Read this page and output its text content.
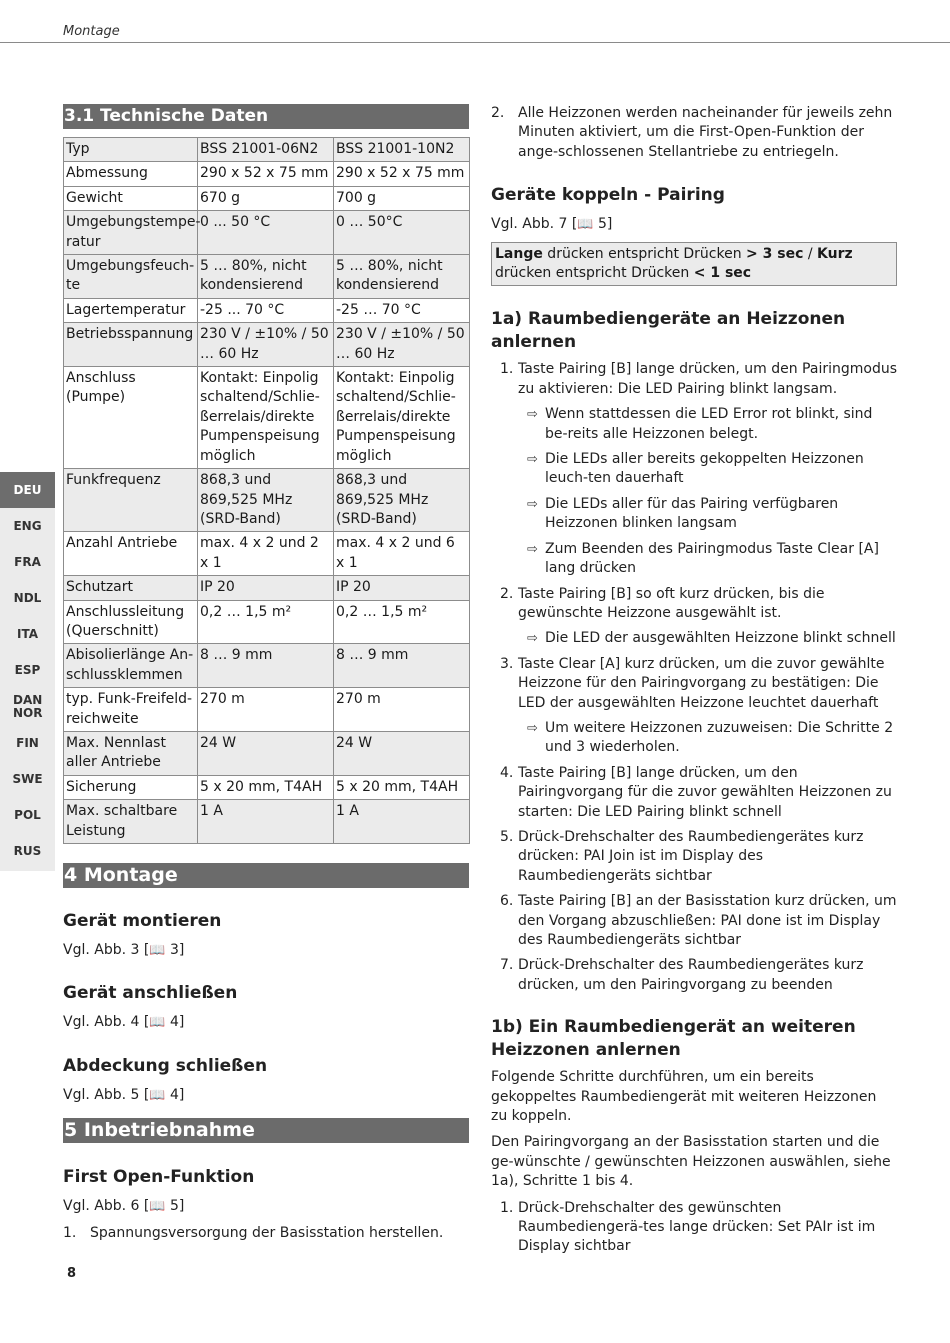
Montage
DEU
ENG
FRA
NDL
ITA
ESP
DAN NOR
FIN
SWE
POL
RUS
3.1 Technische Daten
Typ	BSS 21001-06N2	BSS 21001-10N2
Abmessung	290 x 52 x 75 mm	290 x 52 x 75 mm
Gewicht	670 g	700 g
Umgebungstempe-ratur	0 ... 50 °C	0 … 50°C
Umgebungsfeuch-te	5 … 80%, nicht kondensierend	5 … 80%, nicht kondensierend
Lagertemperatur	-25 ... 70 °C	-25 … 70 °C
Betriebsspannung	230 V / ±10% / 50 … 60 Hz	230 V / ±10% / 50 … 60 Hz
Anschluss (Pumpe)	Kontakt: Einpolig schaltend/Schlie-ßerrelais/direkte Pumpenspeisung möglich	Kontakt: Einpolig schaltend/Schlie-ßerrelais/direkte Pumpenspeisung möglich
Funkfrequenz	868,3 und 869,525 MHz (SRD-Band)	868,3 und 869,525 MHz (SRD-Band)
Anzahl Antriebe	max. 4 x 2 und 2 x 1	max. 4 x 2 und 6 x 1
Schutzart	IP 20	IP 20
Anschlussleitung (Querschnitt)	0,2 … 1,5 m²	0,2 … 1,5 m²
Abisolierlänge An-schlussklemmen	8 … 9 mm	8 … 9 mm
typ. Funk-Freifeld-reichweite	270 m	270 m
Max. Nennlast aller Antriebe	24 W	24 W
Sicherung	5 x 20 mm, T4AH	5 x 20 mm, T4AH
Max. schaltbare Leistung	1 A	1 A
4 Montage
Gerät montieren
Vgl. Abb. 3 [📖 3]
Gerät anschließen
Vgl. Abb. 4 [📖 4]
Abdeckung schließen
Vgl. Abb. 5 [📖 4]
5 Inbetriebnahme
First Open-Funktion
Vgl. Abb. 6 [📖 5]
1. Spannungsversorgung der Basisstation herstellen.
2. Alle Heizzonen werden nacheinander für jeweils zehn Minuten aktiviert, um die First-Open-Funktion der ange-schlossenen Stellantriebe zu entriegeln.
Geräte koppeln - Pairing
Vgl. Abb. 7 [📖 5]
Lange drücken entspricht Drücken > 3 sec / Kurz drücken entspricht Drücken < 1 sec
1a) Raumbediengeräte an Heizzonen anlernen
1. Taste Pairing [B] lange drücken, um den Pairingmodus zu aktivieren: Die LED Pairing blinkt langsam.
⇨ Wenn stattdessen die LED Error rot blinkt, sind be-reits alle Heizzonen belegt.
⇨ Die LEDs aller bereits gekoppelten Heizzonen leuch-ten dauerhaft
⇨ Die LEDs aller für das Pairing verfügbaren Heizzonen blinken langsam
⇨ Zum Beenden des Pairingmodus Taste Clear [A] lang drücken
2. Taste Pairing [B] so oft kurz drücken, bis die gewünschte Heizzone ausgewählt ist.
⇨ Die LED der ausgewählten Heizzone blinkt schnell
3. Taste Clear [A] kurz drücken, um die zuvor gewählte Heizzone für den Pairingvorgang zu bestätigen: Die LED der ausgewählten Heizzone leuchtet dauerhaft
⇨ Um weitere Heizzonen zuzuweisen: Die Schritte 2 und 3 wiederholen.
4. Taste Pairing [B] lange drücken, um den Pairingvorgang für die zuvor gewählten Heizzonen zu starten: Die LED Pairing blinkt schnell
5. Drück-Drehschalter des Raumbediengerätes kurz drücken: PAI Join ist im Display des Raumbediengeräts sichtbar
6. Taste Pairing [B] an der Basisstation kurz drücken, um den Vorgang abzuschließen: PAI done ist im Display des Raumbediengeräts sichtbar
7. Drück-Drehschalter des Raumbediengerätes kurz drücken, um den Pairingvorgang zu beenden
1b) Ein Raumbediengerät an weiteren Heizzonen anlernen
Folgende Schritte durchführen, um ein bereits gekoppeltes Raumbediengerät mit weiteren Heizzonen zu koppeln.
Den Pairingvorgang an der Basisstation starten und die ge-wünschte / gewünschten Heizzonen auswählen, siehe 1a), Schritte 1 bis 4.
1. Drück-Drehschalter des gewünschten Raumbediengerä-tes lange drücken: Set PAIr ist im Display sichtbar
8
